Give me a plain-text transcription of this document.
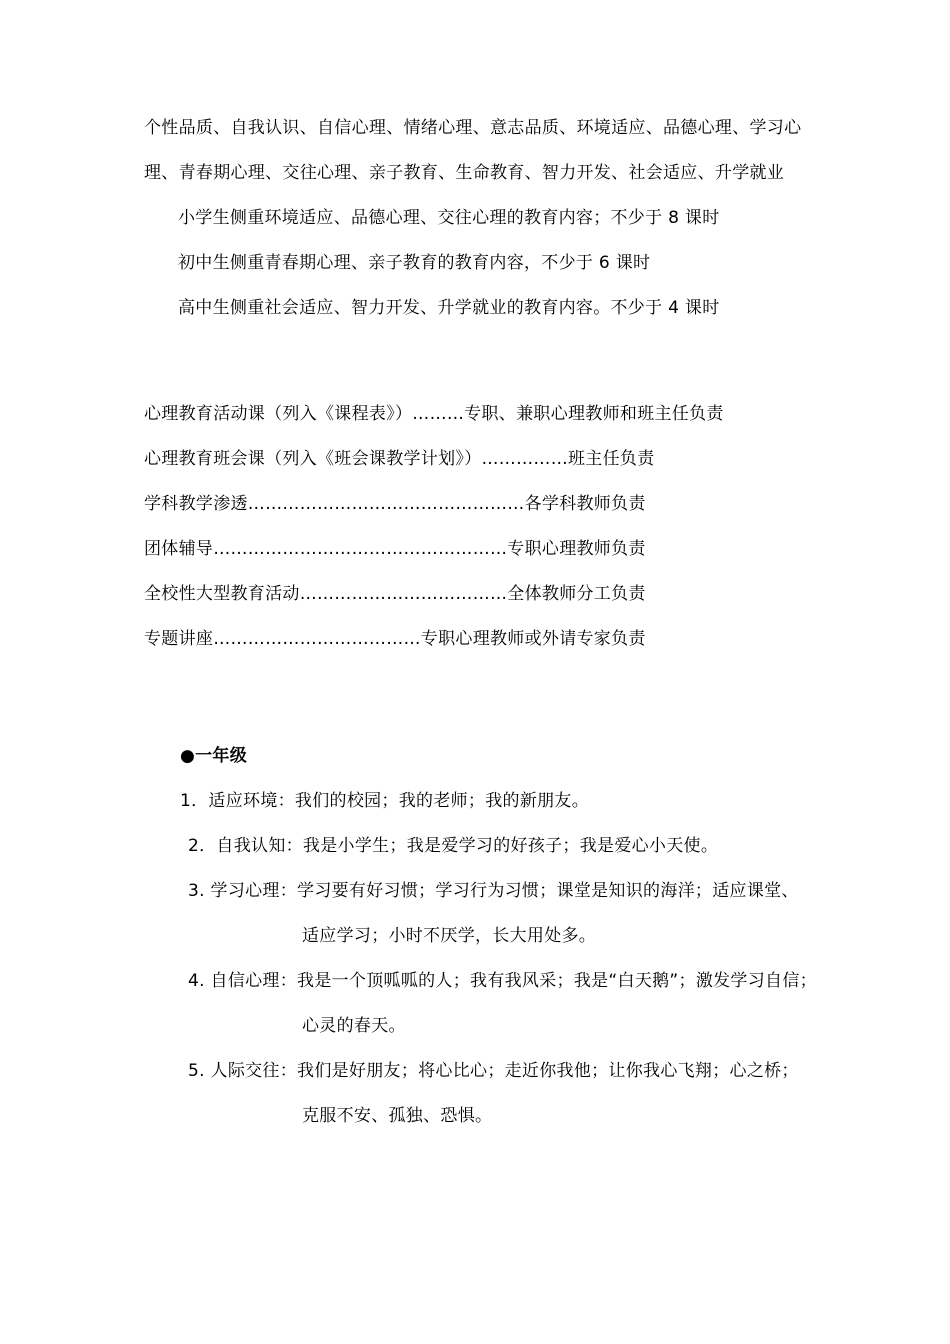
个性品质、自我认识、自信心理、情绪心理、意志品质、环境适应、品德心理、学习心
理、青春期心理、交往心理、亲子教育、生命教育、智力开发、社会适应、升学就业
小学生侧重环境适应、品德心理、交往心理的教育内容；不少于 8 课时
初中生侧重青春期心理、亲子教育的教育内容，不少于 6 课时
高中生侧重社会适应、智力开发、升学就业的教育内容。不少于 4 课时
心理教育活动课（列入《课程表》）………专职、兼职心理教师和班主任负责
心理教育班会课（列入《班会课教学计划》）……………班主任负责
学科教学渗透…………………………………………各学科教师负责
团体辅导……………………………………………专职心理教师负责
全校性大型教育活动………………………………全体教师分工负责
专题讲座………………………………专职心理教师或外请专家负责
●一年级
1．适应环境：我们的校园；我的老师；我的新朋友。
2．自我认知：我是小学生；我是爱学习的好孩子；我是爱心小天使。
3. 学习心理：学习要有好习惯；学习行为习惯；课堂是知识的海洋；适应课堂、
适应学习；小时不厌学，长大用处多。
4. 自信心理：我是一个顶呱呱的人；我有我风采；我是“白天鹅”；激发学习自信；
心灵的春天。
5. 人际交往：我们是好朋友；将心比心；走近你我他；让你我心飞翔；心之桥；
克服不安、孤独、恐惧。
